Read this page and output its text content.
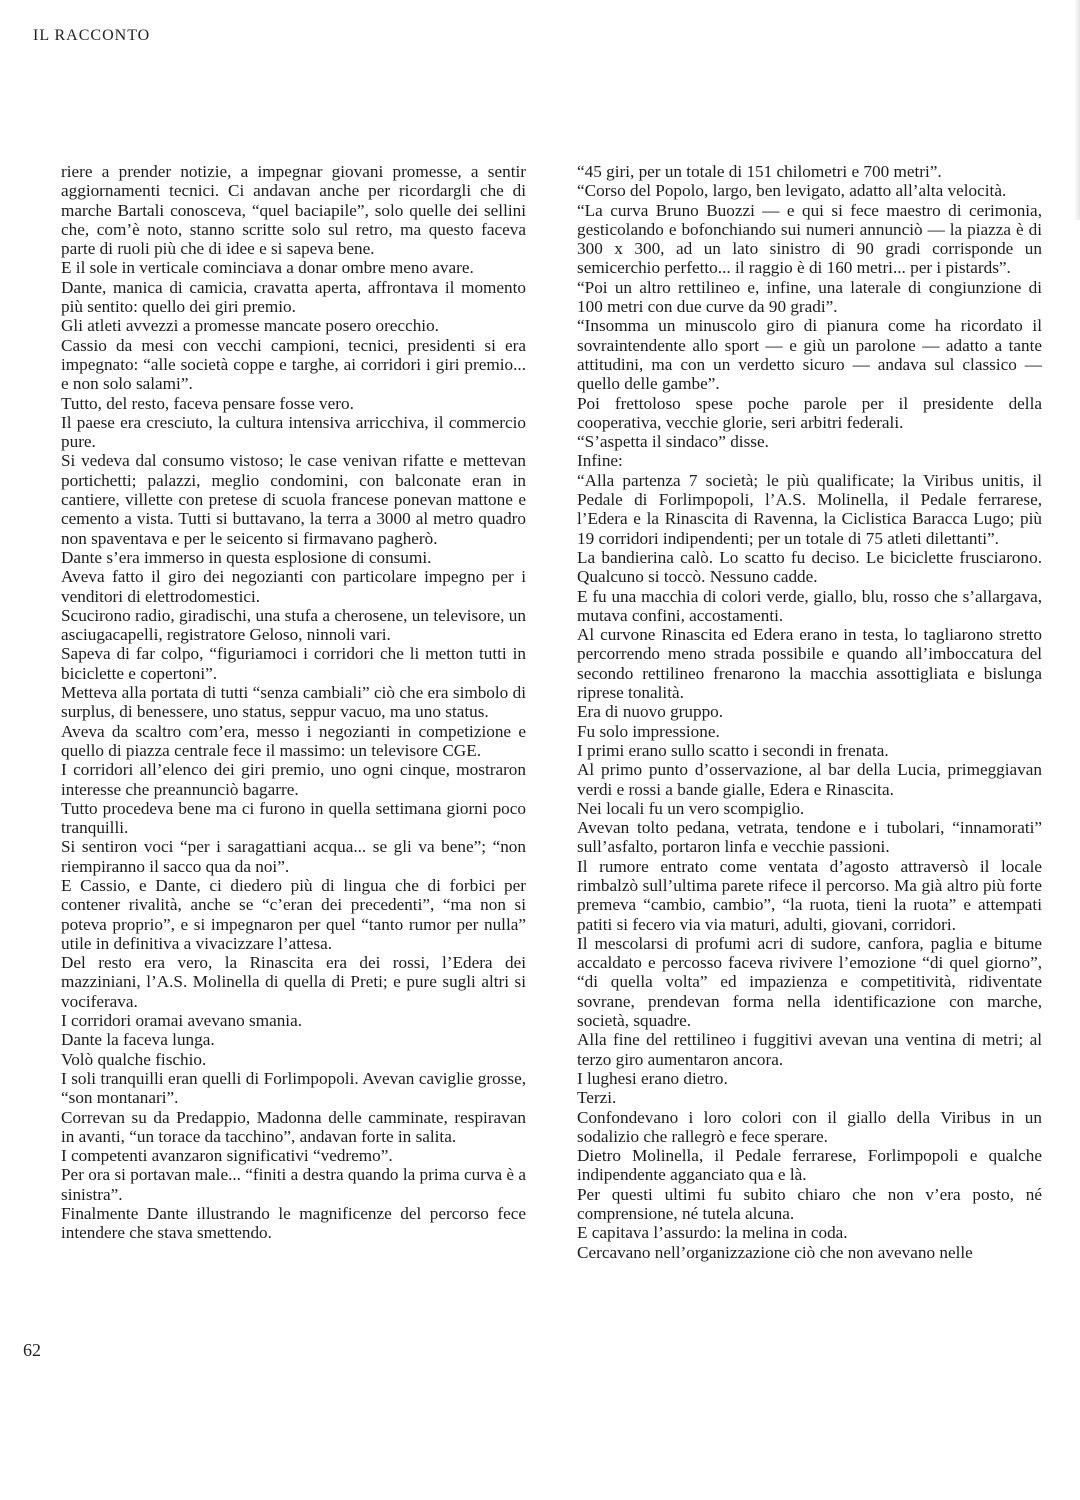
IL RACCONTO

riere a prender notizie, a impegnar giovani promesse, a sentir aggiornamenti tecnici. Ci andavan anche per ricordargli che di marche Bartali conosceva, “quel baciapile”, solo quelle dei sellini che, com’è noto, stanno scritte solo sul retro, ma questo faceva parte di ruoli più che di idee e si sapeva bene.

E il sole in verticale cominciava a donar ombre meno avare.

Dante, manica di camicia, cravatta aperta, affrontava il momento più sentito: quello dei giri premio.

Gli atleti avvezzi a promesse mancate posero orecchio.

Cassio da mesi con vecchi campioni, tecnici, presidenti si era impegnato: “alle società coppe e targhe, ai corridori i giri premio... e non solo salami”.

Tutto, del resto, faceva pensare fosse vero.

Il paese era cresciuto, la cultura intensiva arricchiva, il commercio pure.

Si vedeva dal consumo vistoso; le case venivan rifatte e mettevan portichetti; palazzi, meglio condomini, con balconate eran in cantiere, villette con pretese di scuola francese ponevan mattone e cemento a vista. Tutti si buttavano, la terra a 3000 al metro quadro non spaventava e per le seicento si firmavano pagherò.

Dante s’era immerso in questa esplosione di consumi.

Aveva fatto il giro dei negozianti con particolare impegno per i venditori di elettrodomestici.

Scucirono radio, giradischi, una stufa a cherosene, un televisore, un asciugacapelli, registratore Geloso, ninnoli vari.

Sapeva di far colpo, “figuriamoci i corridori che li metton tutti in biciclette e copertoni”.

Metteva alla portata di tutti “senza cambiali” ciò che era simbolo di surplus, di benessere, uno status, seppur vacuo, ma uno status.

Aveva da scaltro com’era, messo i negozianti in competizione e quello di piazza centrale fece il massimo: un televisore CGE.

I corridori all’elenco dei giri premio, uno ogni cinque, mostraron interesse che preannunciò bagarre.

Tutto procedeva bene ma ci furono in quella settimana giorni poco tranquilli.

Si sentiron voci “per i saragattiani acqua... se gli va bene”; “non riempiranno il sacco qua da noi”.

E Cassio, e Dante, ci diedero più di lingua che di forbici per contener rivalità, anche se “c’eran dei precedenti”, “ma non si poteva proprio”, e si impegnaron per quel “tanto rumor per nulla” utile in definitiva a vivacizzare l’attesa.

Del resto era vero, la Rinascita era dei rossi, l’Edera dei mazziniani, l’A.S. Molinella di quella di Preti; e pure sugli altri si vociferava.

I corridori oramai avevano smania.

Dante la faceva lunga.

Volò qualche fischio.

I soli tranquilli eran quelli di Forlimpopoli. Avevan caviglie grosse, “son montanari”.

Correvan su da Predappio, Madonna delle camminate, respiravan in avanti, “un torace da tacchino”, andavan forte in salita.

I competenti avanzaron significativi “vedremo”.

Per ora si portavan male... “finiti a destra quando la prima curva è a sinistra”.

Finalmente Dante illustrando le magnificenze del percorso fece intendere che stava smettendo.

“45 giri, per un totale di 151 chilometri e 700 metri”.

“Corso del Popolo, largo, ben levigato, adatto all’alta velocità.

“La curva Bruno Buozzi — e qui si fece maestro di cerimonia, gesticolando e bofonchiando sui numeri annunciò — la piazza è di 300 x 300, ad un lato sinistro di 90 gradi corrisponde un semicerchio perfetto... il raggio è di 160 metri... per i pistards”.

“Poi un altro rettilineo e, infine, una laterale di congiunzione di 100 metri con due curve da 90 gradi”.

“Insomma un minuscolo giro di pianura come ha ricordato il sovraintendente allo sport — e giù un parolone — adatto a tante attitudini, ma con un verdetto sicuro — andava sul classico — quello delle gambe”.

Poi frettoloso spese poche parole per il presidente della cooperativa, vecchie glorie, seri arbitri federali.

“S’aspetta il sindaco” disse.

Infine:

“Alla partenza 7 società; le più qualificate; la Viribus unitis, il Pedale di Forlimpopoli, l’A.S. Molinella, il Pedale ferrarese, l’Edera e la Rinascita di Ravenna, la Ciclistica Baracca Lugo; più 19 corridori indipendenti; per un totale di 75 atleti dilettanti”.

La bandierina calò. Lo scatto fu deciso. Le biciclette frusciarono. Qualcuno si toccò. Nessuno cadde.

E fu una macchia di colori verde, giallo, blu, rosso che s’allargava, mutava confini, accostamenti.

Al curvone Rinascita ed Edera erano in testa, lo tagliarono stretto percorrendo meno strada possibile e quando all’imboccatura del secondo rettilineo frenarono la macchia assottigliata e bislunga riprese tonalità.

Era di nuovo gruppo.

Fu solo impressione.

I primi erano sullo scatto i secondi in frenata.

Al primo punto d’osservazione, al bar della Lucia, primeggiavan verdi e rossi a bande gialle, Edera e Rinascita.

Nei locali fu un vero scompiglio.

Avevan tolto pedana, vetrata, tendone e i tubolari, “innamorati” sull’asfalto, portaron linfa e vecchie passioni.

Il rumore entrato come ventata d’agosto attraversò il locale rimbalzò sull’ultima parete rifece il percorso. Ma già altro più forte premeva “cambio, cambio”, “la ruota, tieni la ruota” e attempati patiti si fecero via via maturi, adulti, giovani, corridori.

Il mescolarsi di profumi acri di sudore, canfora, paglia e bitume accaldato e percosso faceva rivivere l’emozione “di quel giorno”, “di quella volta” ed impazienza e competitività, ridiventate sovrane, prendevan forma nella identificazione con marche, società, squadre.

Alla fine del rettilineo i fuggitivi avevan una ventina di metri; al terzo giro aumentaron ancora.

I lughesi erano dietro.

Terzi.

Confondevano i loro colori con il giallo della Viribus in un sodalizio che rallegrò e fece sperare.

Dietro Molinella, il Pedale ferrarese, Forlimpopoli e qualche indipendente agganciato qua e là.

Per questi ultimi fu subito chiaro che non v’era posto, né comprensione, né tutela alcuna.

E capitava l’assurdo: la melina in coda.

Cercavano nell’organizzazione ciò che non avevano nelle

62
